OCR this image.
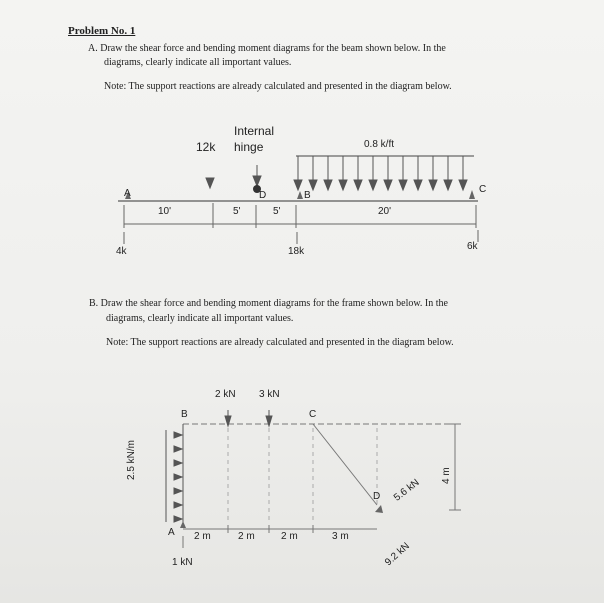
Problem No. 1
A. Draw the shear force and bending moment diagrams for the beam shown below. In the
diagrams, clearly indicate all important values.
Note: The support reactions are already calculated and presented in the diagram below.
Internal
hinge
12k	0.8 k/ft
A	D	B
C
10'	5'	5'	20'
4k	18k	6k
B. Draw the shear force and bending moment diagrams for the frame shown below. In the
diagrams, clearly indicate all important values.
Note: The support reactions are already calculated and presented in the diagram below.
2 kN 3 kN
B	C
A
D
2.5 kN/m
2 m	2 m	2 m	3 m
4 m
1 kN
5.6 kN
9.2 kN
